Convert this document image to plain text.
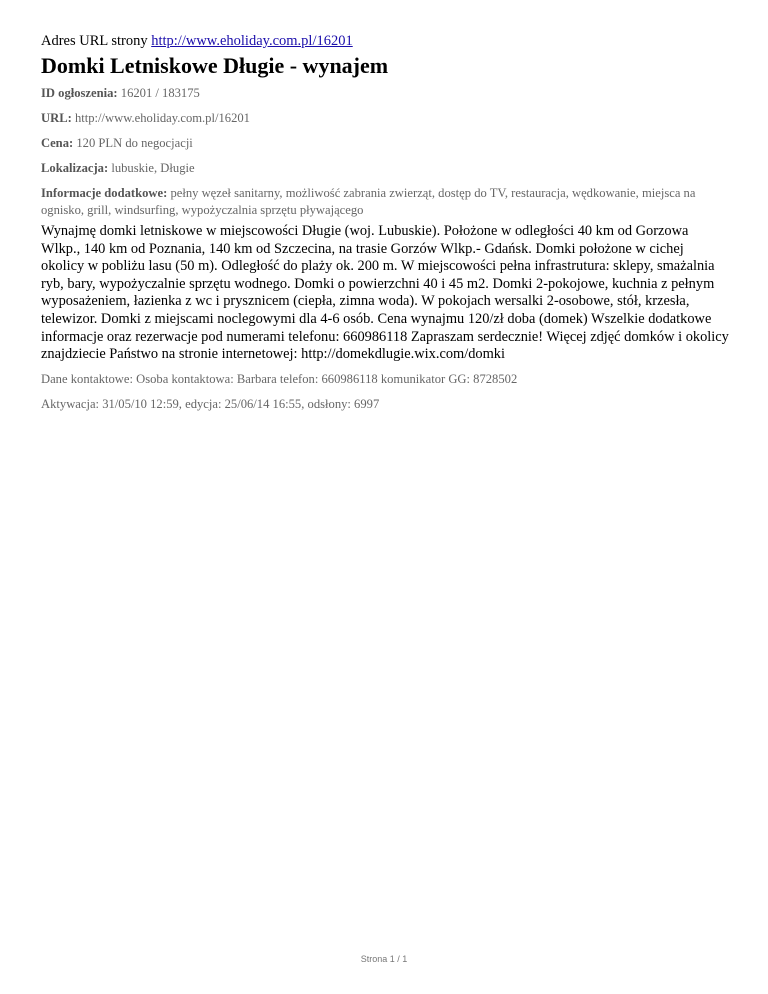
Adres URL strony http://www.eholiday.com.pl/16201

Domki Letniskowe Długie - wynajem

ID ogłoszenia: 16201 / 183175

URL: http://www.eholiday.com.pl/16201

Cena: 120 PLN do negocjacji

Lokalizacja: lubuskie, Długie

Informacje dodatkowe: pełny węzeł sanitarny, możliwość zabrania zwierząt, dostęp do TV, restauracja, wędkowanie, miejsca na ognisko, grill, windsurfing, wypożyczalnia sprzętu pływającego

Wynajmę domki letniskowe w miejscowości Długie (woj. Lubuskie). Położone w odległości 40 km od Gorzowa Wlkp., 140 km od Poznania, 140 km od Szczecina, na trasie Gorzów Wlkp.- Gdańsk. Domki położone w cichej okolicy w pobliżu lasu (50 m). Odległość do plaży ok. 200 m. W miejscowości pełna infrastrutura: sklepy, smażalnia ryb, bary, wypożyczalnie sprzętu wodnego. Domki o powierzchni 40 i 45 m2. Domki 2-pokojowe, kuchnia z pełnym wyposażeniem, łazienka z wc i prysznicem (ciepła, zimna woda). W pokojach wersalki 2-osobowe, stół, krzesła, telewizor. Domki z miejscami noclegowymi dla 4-6 osób. Cena wynajmu 120/zł doba (domek) Wszelkie dodatkowe informacje oraz rezerwacje pod numerami telefonu: 660986118 Zapraszam serdecznie! Więcej zdjęć domków i okolicy znajdziecie Państwo na stronie internetowej: http://domekdlugie.wix.com/domki

Dane kontaktowe: Osoba kontaktowa: Barbara telefon: 660986118 komunikator GG: 8728502

Aktywacja: 31/05/10 12:59, edycja: 25/06/14 16:55, odsłony: 6997

Strona 1 / 1
